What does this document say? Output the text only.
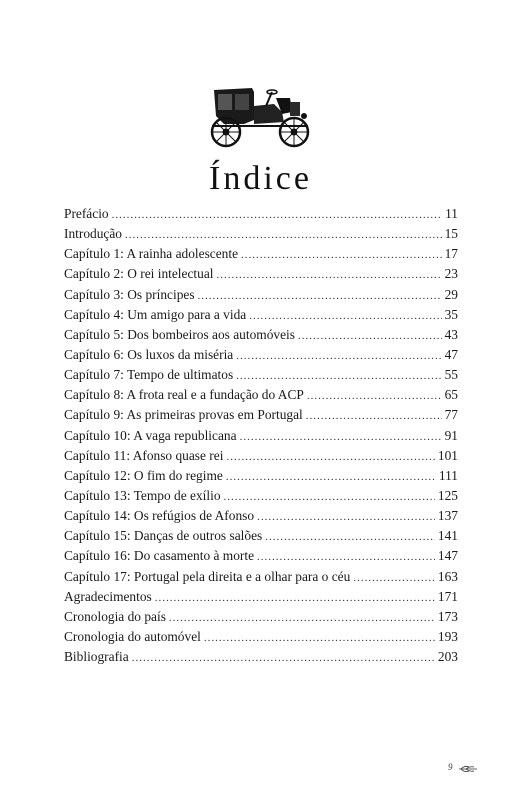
Índice
Prefácio .....	11
Introdução .....	15
Capítulo 1: A rainha adolescente .....	17
Capítulo 2: O rei intelectual .....	23
Capítulo 3: Os príncipes .....	29
Capítulo 4: Um amigo para a vida .....	35
Capítulo 5: Dos bombeiros aos automóveis .....	43
Capítulo 6: Os luxos da miséria .....	47
Capítulo 7: Tempo de ultimatos .....	55
Capítulo 8: A frota real e a fundação do ACP .....	65
Capítulo 9: As primeiras provas em Portugal .....	77
Capítulo 10: A vaga republicana .....	91
Capítulo 11: Afonso quase rei .....	101
Capítulo 12: O fim do regime .....	111
Capítulo 13: Tempo de exílio .....	125
Capítulo 14: Os refúgios de Afonso .....	137
Capítulo 15: Danças de outros salões .....	141
Capítulo 16: Do casamento à morte .....	147
Capítulo 17: Portugal pela direita e a olhar para o céu .....	163
Agradecimentos .....	171
Cronologia do país .....	173
Cronologia do automóvel .....	193
Bibliografia .....	203
9
